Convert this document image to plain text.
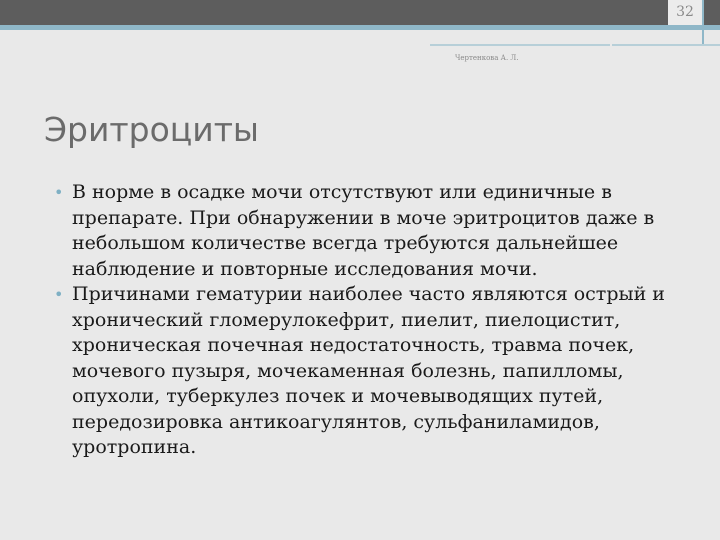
32
Чертенкова А. Л.
Эритроциты
• В норме в осадке мочи отсутствуют или единичные в препарате. При обнаружении в моче эритроцитов даже в небольшом количестве всегда требуются дальнейшее наблюдение и повторные исследования мочи.
• Причинами гематурии наиболее часто являются острый и хронический гломерулокефрит, пиелит, пиелоцистит, хроническая почечная недостаточность, травма почек, мочевого пузыря, мочекаменная болезнь, папилломы, опухоли, туберкулез почек и мочевыводящих путей, передозировка антикоагулянтов, сульфаниламидов, уротропина.
